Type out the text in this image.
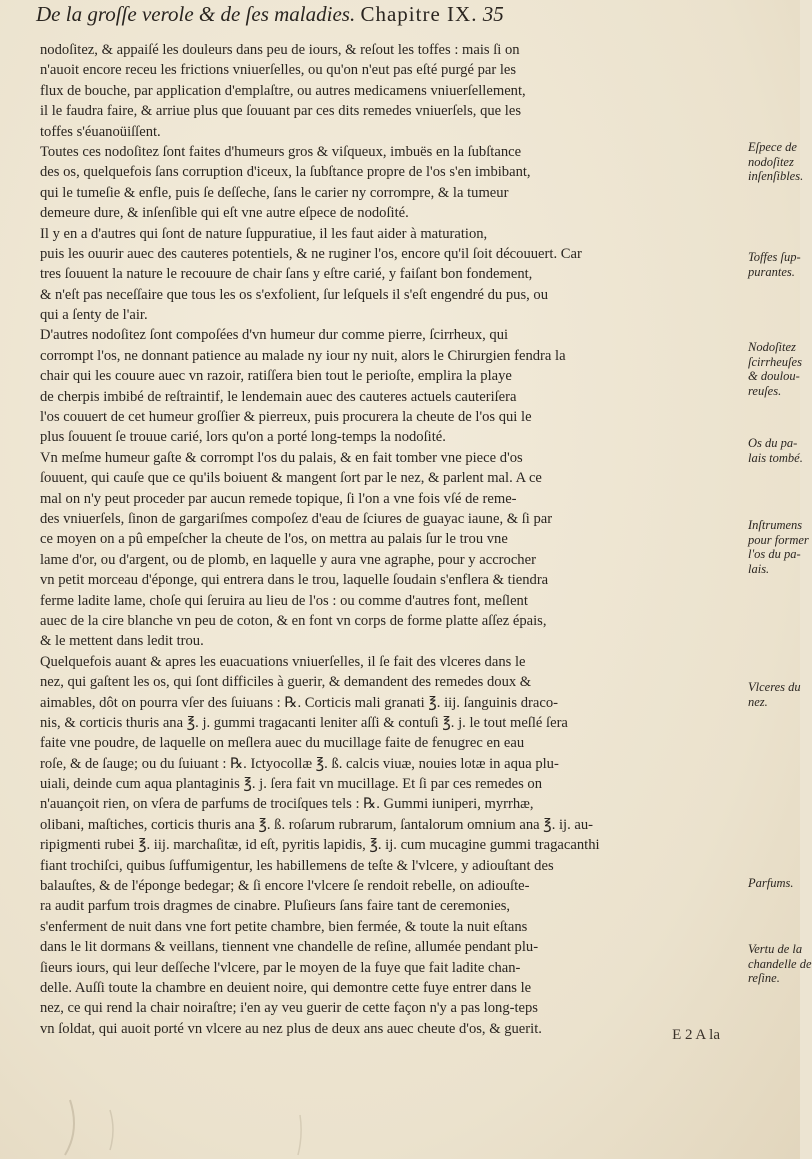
De la groſſe verole & de ſes maladies. Chapitre IX. 35
nodoſitez, & appaiſé les douleurs dans peu de iours, & reſout les toffes : mais ſi on
n'auoit encore receu les frictions vniuerſelles, ou qu'on n'eut pas eſté purgé par les
flux de bouche, par application d'emplaſtre, ou autres medicamens vniuerſellement,
il le faudra faire, & arriue plus que ſouuant par ces dits remedes vniuerſels, que les
toffes s'éuanoüiſſent.
Toutes ces nodoſitez ſont faites d'humeurs gros & viſqueux, imbuës en la ſubſtance
des os, quelquefois ſans corruption d'iceux, la ſubſtance propre de l'os s'en imbibant,
qui le tumeſie & enfle, puis ſe deſſeche, ſans le carier ny corrompre, & la tumeur
demeure dure, & inſenſible qui eſt vne autre eſpece de nodoſité.
Il y en a d'autres qui ſont de nature ſuppuratiue, il les faut aider à maturation,
puis les ouurir auec des cauteres potentiels, & ne ruginer l'os, encore qu'il ſoit découuert. Car
tres ſouuent la nature le recouure de chair ſans y eſtre carié, y faiſant bon fondement,
& n'eſt pas neceſſaire que tous les os s'exfolient, ſur leſquels il s'eſt engendré du pus, ou
qui a ſenty de l'air.
D'autres nodoſitez ſont compoſées d'vn humeur dur comme pierre, ſcirrheux, qui
corrompt l'os, ne donnant patience au malade ny iour ny nuit, alors le Chirurgien fendra la
chair qui les couure auec vn razoir, ratiſſera bien tout le perioſte, emplira la playe
de cherpis imbibé de reſtraintif, le lendemain auec des cauteres actuels cauteriſera
l'os couuert de cet humeur groſſier & pierreux, puis procurera la cheute de l'os qui le
plus ſouuent ſe trouue carié, lors qu'on a porté long-temps la nodoſité.
Vn meſme humeur gaſte & corrompt l'os du palais, & en fait tomber vne piece d'os
ſouuent, qui cauſe que ce qu'ils boiuent & mangent ſort par le nez, & parlent mal. A ce
mal on n'y peut proceder par aucun remede topique, ſi l'on a vne fois vſé de reme-
des vniuerſels, ſinon de gargariſmes compoſez d'eau de ſciures de guayac iaune, & ſi par
ce moyen on a pû empeſcher la cheute de l'os, on mettra au palais ſur le trou vne
lame d'or, ou d'argent, ou de plomb, en laquelle y aura vne agraphe, pour y accrocher
vn petit morceau d'éponge, qui entrera dans le trou, laquelle ſoudain s'enflera & tiendra
ferme ladite lame, choſe qui ſeruira au lieu de l'os : ou comme d'autres font, meſlent
auec de la cire blanche vn peu de coton, & en font vn corps de forme platte aſſez épais,
& le mettent dans ledit trou.
Quelquefois auant & apres les euacuations vniuerſelles, il ſe fait des vlceres dans le
nez, qui gaſtent les os, qui ſont difficiles à guerir, & demandent des remedes doux &
aimables, dôt on pourra vſer des ſuiuans : ℞. Corticis mali granati ℥. iij. ſanguinis draco-
nis, & corticis thuris ana ℥. j. gummi tragacanti leniter aſſi & contuſi ℥. j. le tout meſlé ſera
faite vne poudre, de laquelle on meſlera auec du mucillage faite de fenugrec en eau
roſe, & de ſauge; ou du ſuiuant : ℞. Ictyocollæ ℥. ß. calcis viuæ, nouies lotæ in aqua plu-
uiali, deinde cum aqua plantaginis ℥. j. ſera fait vn mucillage. Et ſi par ces remedes on
n'auançoit rien, on vſera de parfums de trociſques tels : ℞. Gummi iuniperi, myrrhæ,
olibani, maſtiches, corticis thuris ana ℥. ß. roſarum rubrarum, ſantalorum omnium ana ℥. ij. au-
ripigmenti rubei ℥. iij. marchaſitæ, id eſt, pyritis lapidis, ℥. ij. cum mucagine gummi tragacanthi
fiant trochiſci, quibus ſuffumigentur, les habillemens de teſte & l'vlcere, y adiouſtant des
balauſtes, & de l'éponge bedegar; & ſi encore l'vlcere ſe rendoit rebelle, on adiouſte-
ra audit parfum trois dragmes de cinabre. Pluſieurs ſans faire tant de ceremonies,
s'enferment de nuit dans vne fort petite chambre, bien fermée, & toute la nuit eſtans
dans le lit dormans & veillans, tiennent vne chandelle de reſine, allumée pendant plu-
ſieurs iours, qui leur deſſeche l'vlcere, par le moyen de la fuye que fait ladite chan-
delle. Auſſi toute la chambre en deuient noire, qui demontre cette fuye entrer dans le
nez, ce qui rend la chair noiraſtre; i'en ay veu guerir de cette façon n'y a pas long-teps
vn ſoldat, qui auoit porté vn vlcere au nez plus de deux ans auec cheute d'os, & guerit.
Eſpece de
nodoſitez
inſenſibles.
Toffes ſup-
purantes.
Nodoſitez
ſcirrheuſes
& doulou-
reuſes.
Os du pa-
lais tombé.
Inſtrumens
pour former
l'os du pa-
lais.
Vlceres du
nez.
Parfums.
Vertu de la
chandelle de
reſine.
E 2 A la
